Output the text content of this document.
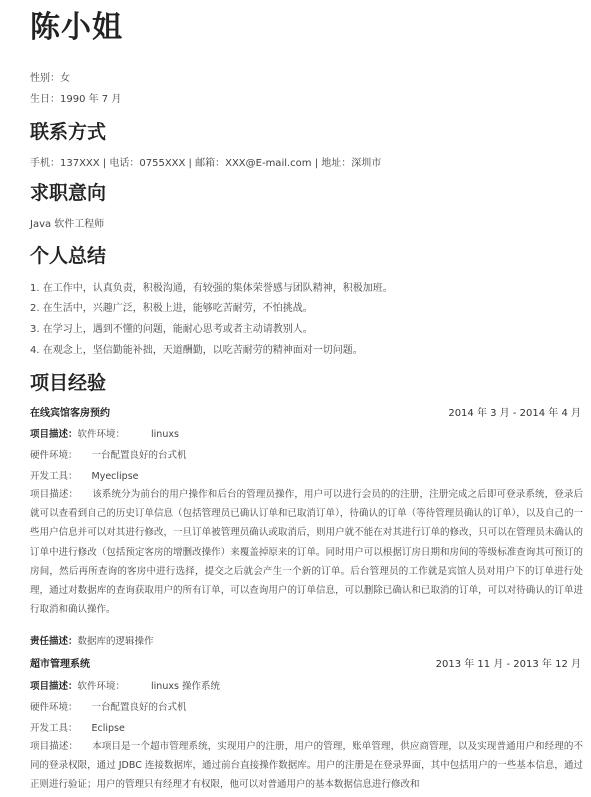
陈小姐
性别：女
生日：1990 年 7 月
联系方式
手机：137XXX | 电话：0755XXX | 邮箱：XXX@E-mail.com | 地址：深圳市
求职意向
Java 软件工程师
个人总结
1. 在工作中，认真负责，积极沟通，有较强的集体荣誉感与团队精神，积极加班。
2. 在生活中，兴趣广泛，积极上进，能够吃苦耐劳，不怕挑战。
3. 在学习上，遇到不懂的问题，能耐心思考或者主动请教别人。
4. 在观念上，坚信勤能补拙，天道酬勤，以吃苦耐劳的精神面对一切问题。
项目经验
在线宾馆客房预约	2014 年 3 月 - 2014 年 4 月
项目描述：软件环境：	linuxs
硬件环境： 一台配置良好的台式机
开发工具： Myeclipse
项目描述： 该系统分为前台的用户操作和后台的管理员操作，用户可以进行会员的的注册，注册完成之后即可登录系统，登录后就可以查看到自己的历史订单信息（包括管理员已确认订单和已取消订单），待确认的订单（等待管理员确认的订单），以及自己的一些用户信息并可以对其进行修改，一旦订单被管理员确认或取消后，则用户就不能在对其进行订单的修改，只可以在管理员未确认的订单中进行修改（包括预定客房的增删改操作）来覆盖掉原来的订单。同时用户可以根据订房日期和房间的等级标准查询其可预订的房间，然后再所查询的客房中进行选择，提交之后就会产生一个新的订单。后台管理员的工作就是宾馆人员对用户下的订单进行处理，通过对数据库的查询获取用户的所有订单，可以查询用户的订单信息，可以删除已确认和已取消的订单，可以对待确认的订单进行取消和确认操作。
责任描述：数据库的逻辑操作
超市管理系统	2013 年 11 月 - 2013 年 12 月
项目描述：软件环境：	linuxs 操作系统
硬件环境： 一台配置良好的台式机
开发工具： Eclipse
项目描述： 本项目是一个超市管理系统，实现用户的注册，用户的管理，账单管理，供应商管理，以及实现普通用户和经理的不同的登录权限，通过 JDBC 连接数据库，通过前台直接操作数据库。用户的注册是在登录界面，其中包括用户的一些基本信息，通过正则进行验证；用户的管理只有经理才有权限，他可以对普通用户的基本数据信息进行修改和
